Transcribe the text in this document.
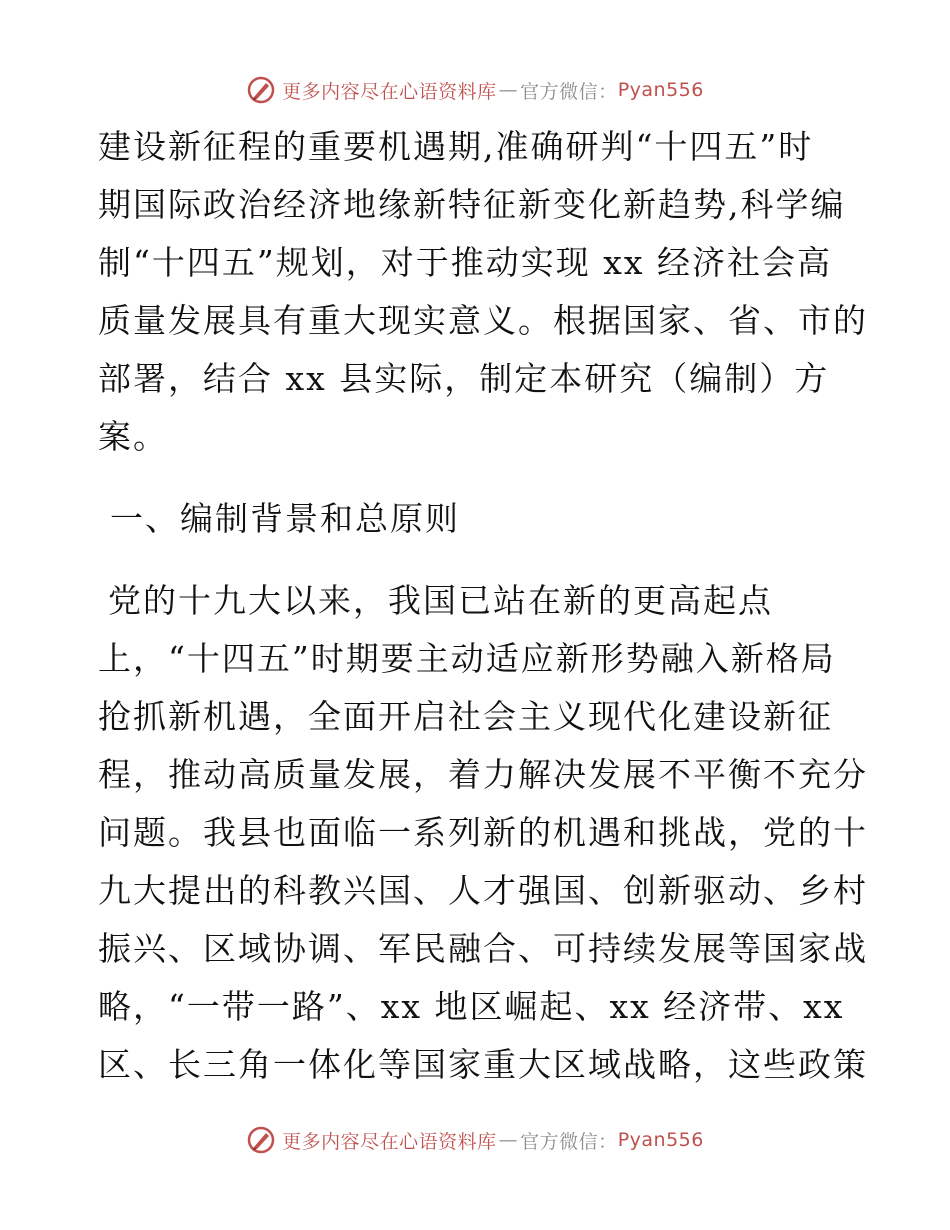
更多内容尽在心语资料库 — 官方微信： Pyan556
建设新征程的重要机遇期,准确研判“十四五”时
期国际政治经济地缘新特征新变化新趋势,科学编
制“十四五”规划，对于推动实现 xx 经济社会高
质量发展具有重大现实意义。根据国家、省、市的
部署，结合 xx 县实际，制定本研究（编制）方
案。
一、编制背景和总原则
党的十九大以来，我国已站在新的更高起点
上，“十四五”时期要主动适应新形势融入新格局
抢抓新机遇，全面开启社会主义现代化建设新征
程，推动高质量发展，着力解决发展不平衡不充分
问题。我县也面临一系列新的机遇和挑战，党的十
九大提出的科教兴国、人才强国、创新驱动、乡村
振兴、区域协调、军民融合、可持续发展等国家战
略，“一带一路”、xx 地区崛起、xx 经济带、xx
区、长三角一体化等国家重大区域战略，这些政策
更多内容尽在心语资料库 — 官方微信： Pyan556
